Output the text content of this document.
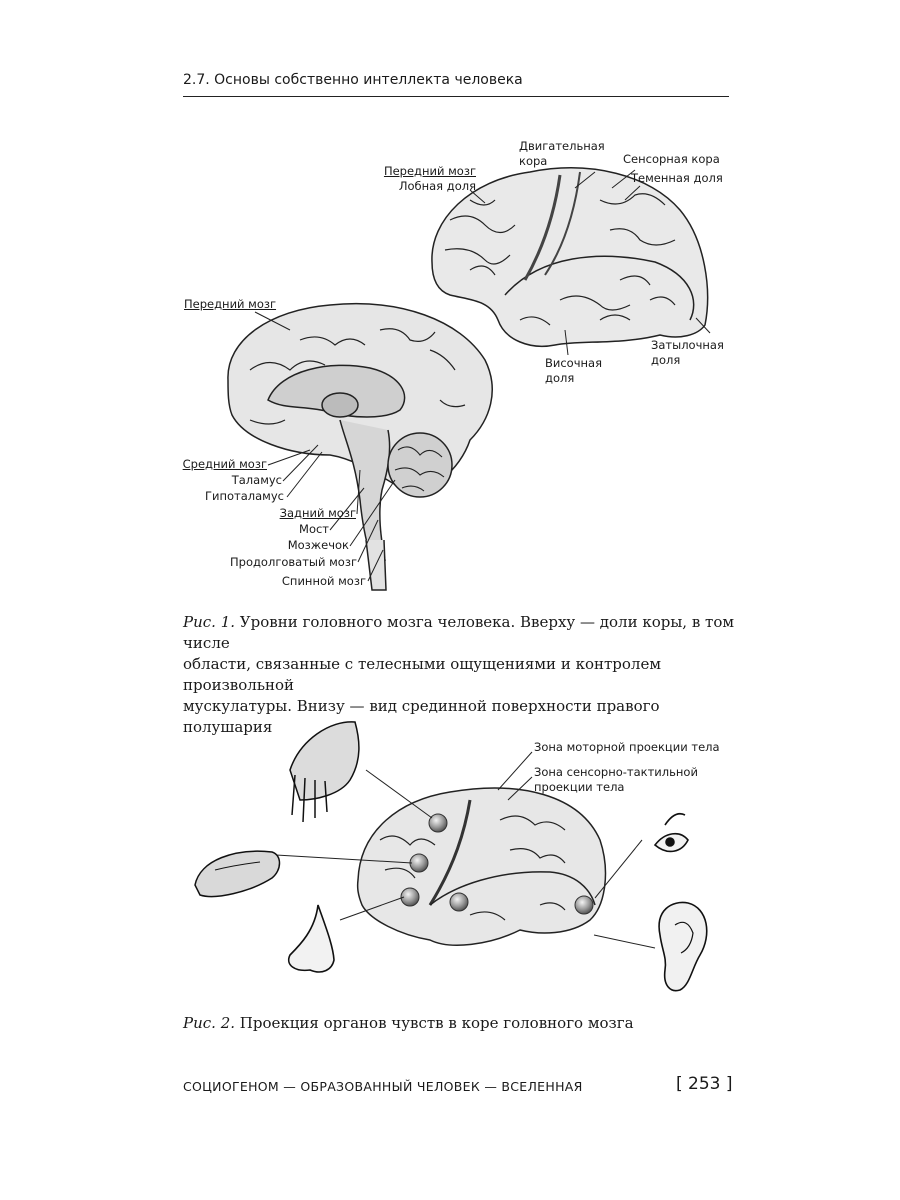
2.7. Основы собственно интеллекта человека
Передний мозг
Лобная доля
Двигательная
кора	Сенсорная кора
Теменная доля
Височная
доля
Затылочная
доля
Передний мозг
Средний мозг
Таламус
Гипоталамус
Задний мозг
Мост
Мозжечок
Продолговатый мозг
Спинной мозг
Рис. 1. Уровни головного мозга человека. Вверху — доли коры, в том числе
области, связанные с телесными ощущениями и контролем произвольной
мускулатуры. Внизу — вид срединной поверхности правого полушария
Зона моторной проекции тела
Зона сенсорно-тактильной
проекции тела
Рис. 2. Проекция органов чувств в коре головного мозга
СОЦИОГЕНОМ — ОБРАЗОВАННЫЙ ЧЕЛОВЕК — ВСЕЛЕННАЯ	[ 253 ]
